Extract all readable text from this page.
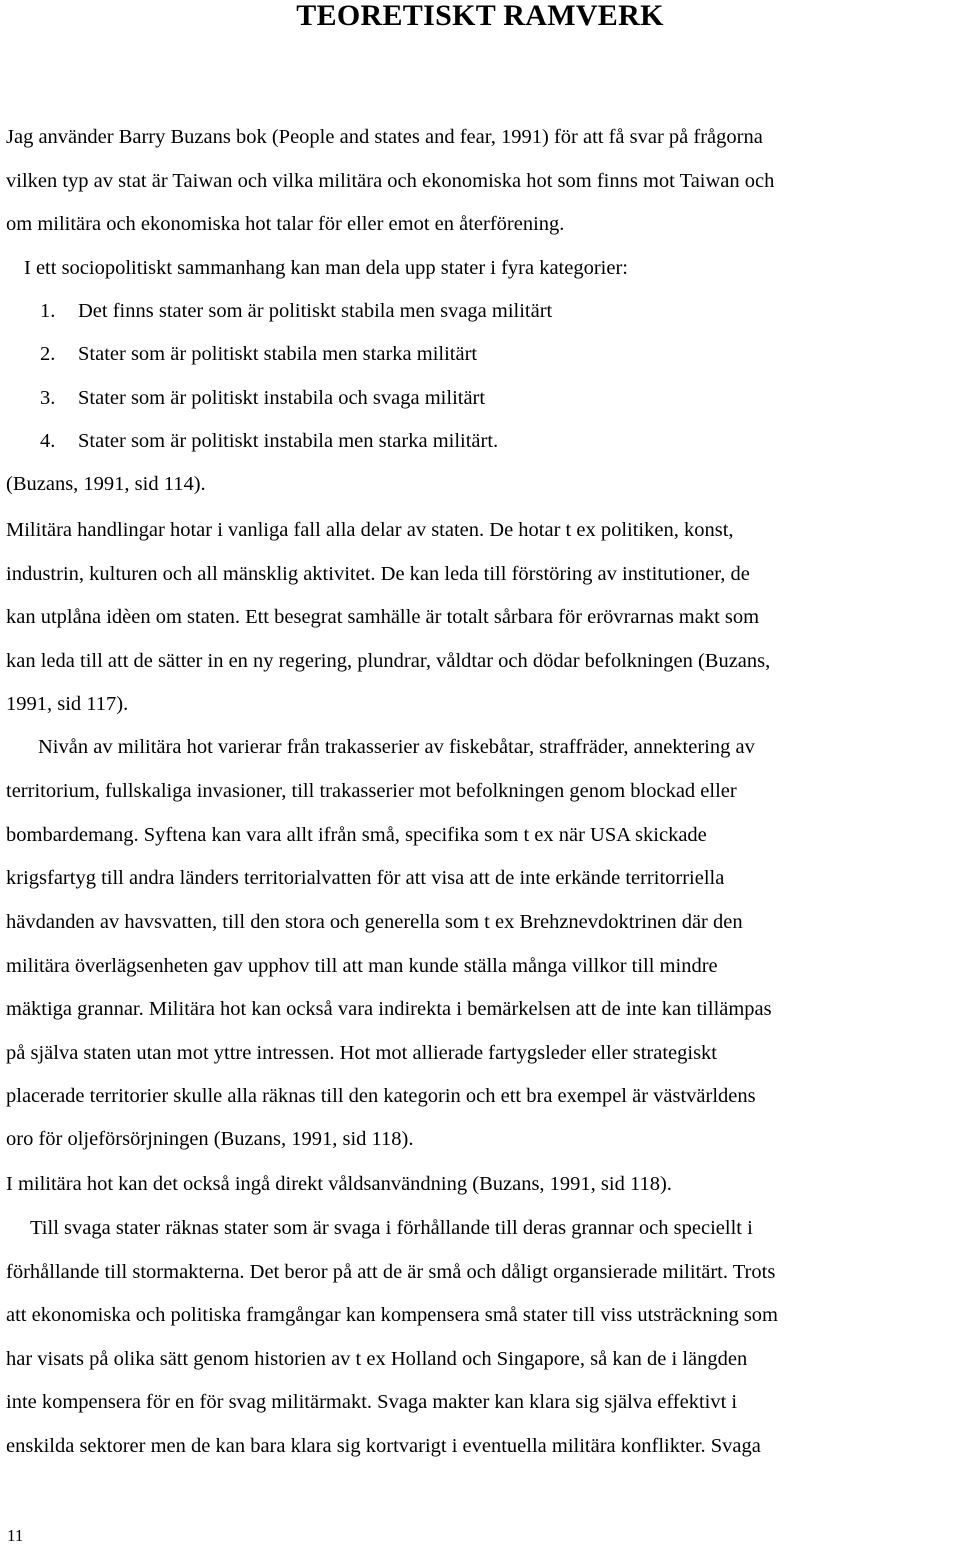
TEORETISKT RAMVERK

Jag använder Barry Buzans bok (People and states and fear, 1991) för att få svar på frågorna

vilken typ av stat är Taiwan och vilka militära och ekonomiska hot som finns mot Taiwan och

om militära och ekonomiska hot talar för eller emot en återförening.

I ett sociopolitiskt sammanhang kan man dela upp stater i fyra kategorier:

1. Det finns stater som är politiskt stabila men svaga militärt

2. Stater som är politiskt stabila men starka militärt

3. Stater som är politiskt instabila och svaga militärt

4. Stater som är politiskt instabila men starka militärt.

(Buzans, 1991, sid 114).

Militära handlingar hotar i vanliga fall alla delar av staten. De hotar t ex politiken, konst,

industrin, kulturen och all mänsklig aktivitet. De kan leda till förstöring av institutioner, de

kan utplåna idèen om staten. Ett besegrat samhälle är totalt sårbara för erövrarnas makt som

kan leda till att de sätter in en ny regering, plundrar, våldtar och dödar befolkningen (Buzans,

1991, sid 117).

Nivån av militära hot varierar från trakasserier av fiskebåtar, straffräder, annektering av

territorium, fullskaliga invasioner, till trakasserier mot befolkningen genom blockad eller

bombardemang. Syftena kan vara allt ifrån små, specifika som t ex när USA skickade

krigsfartyg till andra länders territorialvatten för att visa att de inte erkände territorriella

hävdanden av havsvatten, till den stora och generella som t ex Brehznevdoktrinen där den

militära överlägsenheten gav upphov till att man kunde ställa många villkor till mindre

mäktiga grannar. Militära hot kan också vara indirekta i bemärkelsen att de inte kan tillämpas

på själva staten utan mot yttre intressen. Hot mot allierade fartygsleder eller strategiskt

placerade territorier skulle alla räknas till den kategorin och ett bra exempel är västvärldens

oro för oljeförsörjningen (Buzans, 1991, sid 118).

I militära hot kan det också ingå direkt våldsanvändning (Buzans, 1991, sid 118).

Till svaga stater räknas stater som är svaga i förhållande till deras grannar och speciellt i

förhållande till stormakterna. Det beror på att de är små och dåligt organsierade militärt. Trots

att ekonomiska och politiska framgångar kan kompensera små stater till viss utsträckning som

har visats på olika sätt genom historien av t ex Holland och Singapore, så kan de i längden

inte kompensera för en för svag militärmakt. Svaga makter kan klara sig själva effektivt i

enskilda sektorer men de kan bara klara sig kortvarigt i eventuella militära konflikter. Svaga

11
